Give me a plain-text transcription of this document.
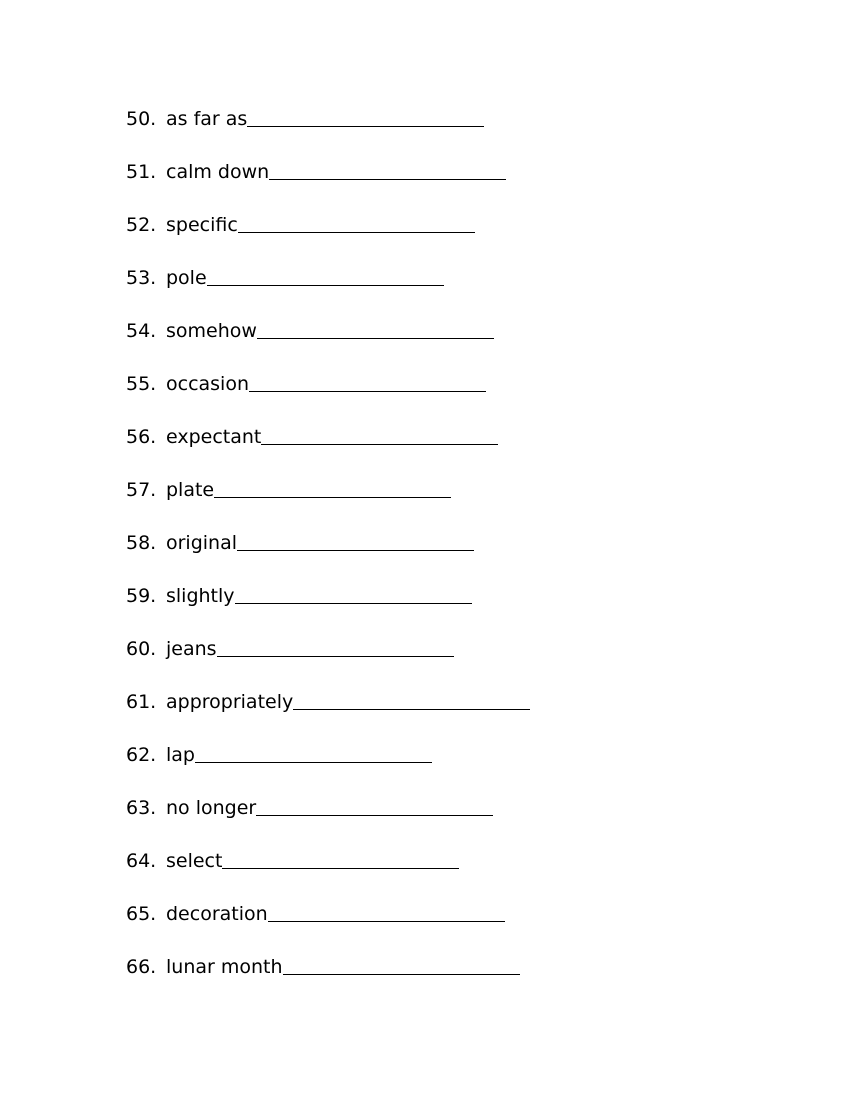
50. as far as
51. calm down
52. specific
53. pole
54. somehow
55. occasion
56. expectant
57. plate
58. original
59. slightly
60. jeans
61. appropriately
62. lap
63. no longer
64. select
65. decoration
66. lunar month
